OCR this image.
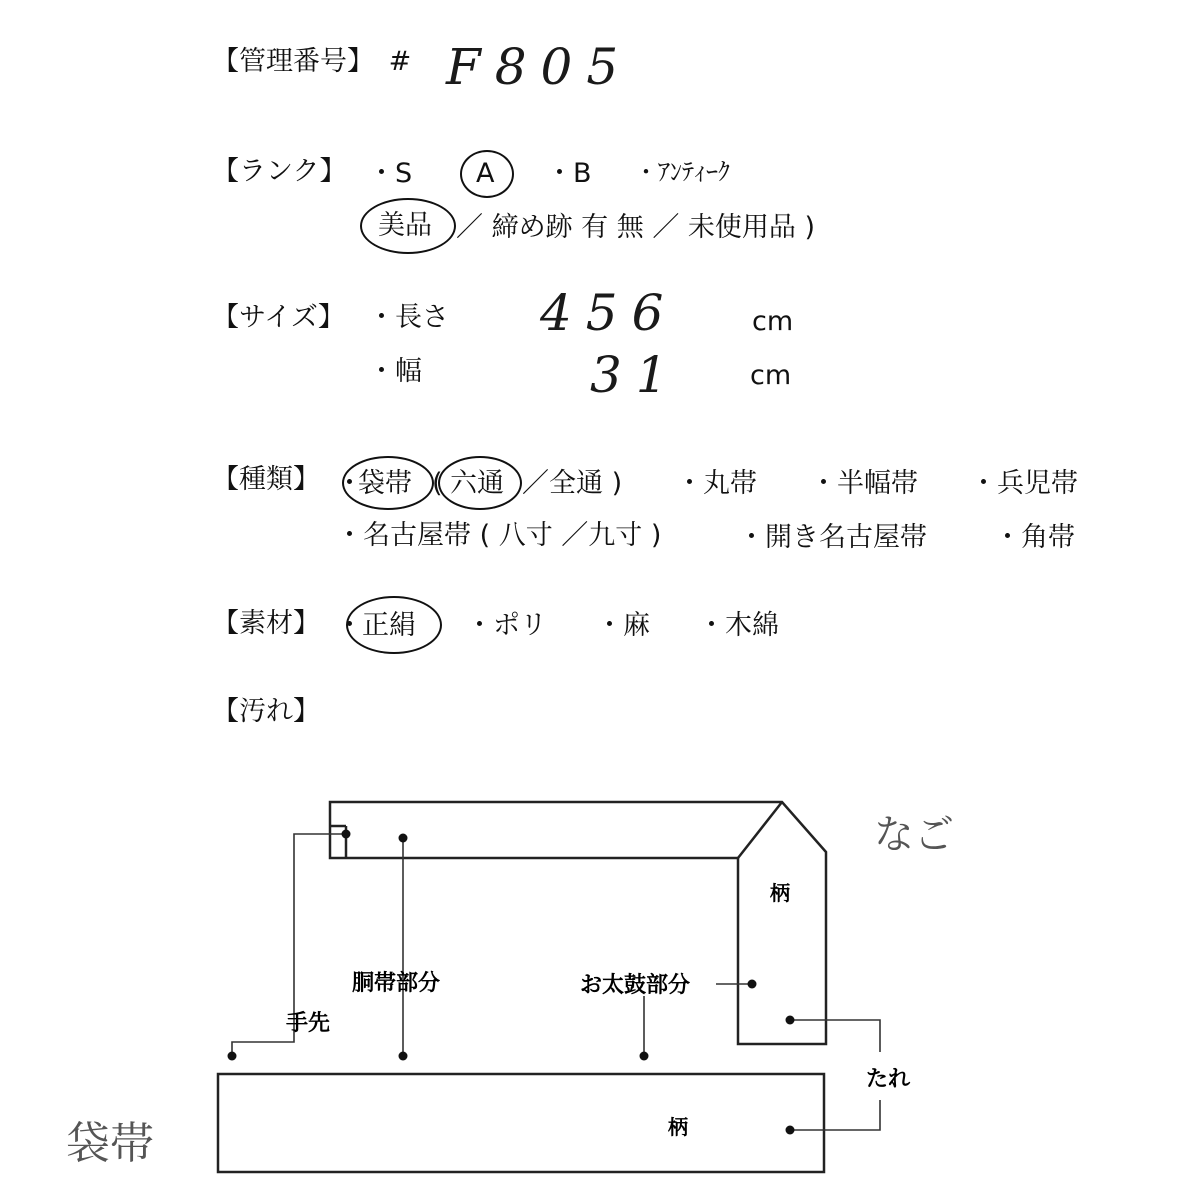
【管理番号】 # F805
【ランク】 ・S A ・B ・ｱﾝﾃｨｰｸ
美品 ／ 締め跡 有 無 ／ 未使用品 )
【サイズ】 ・長さ 456	cm
・幅	31	cm
【種類】 ・
袋帯 ( 六通 ／全通 ) ・丸帯 ・半幅帯 ・兵児帯
・名古屋帯 ( 八寸 ／九寸 )	・開き名古屋帯 ・角帯
【素材】 ・ 正絹 ・ポリ ・麻 ・木綿
【汚れ】
なご
柄
胴帯部分	お太鼓部分
手先
たれ
柄
袋帯
